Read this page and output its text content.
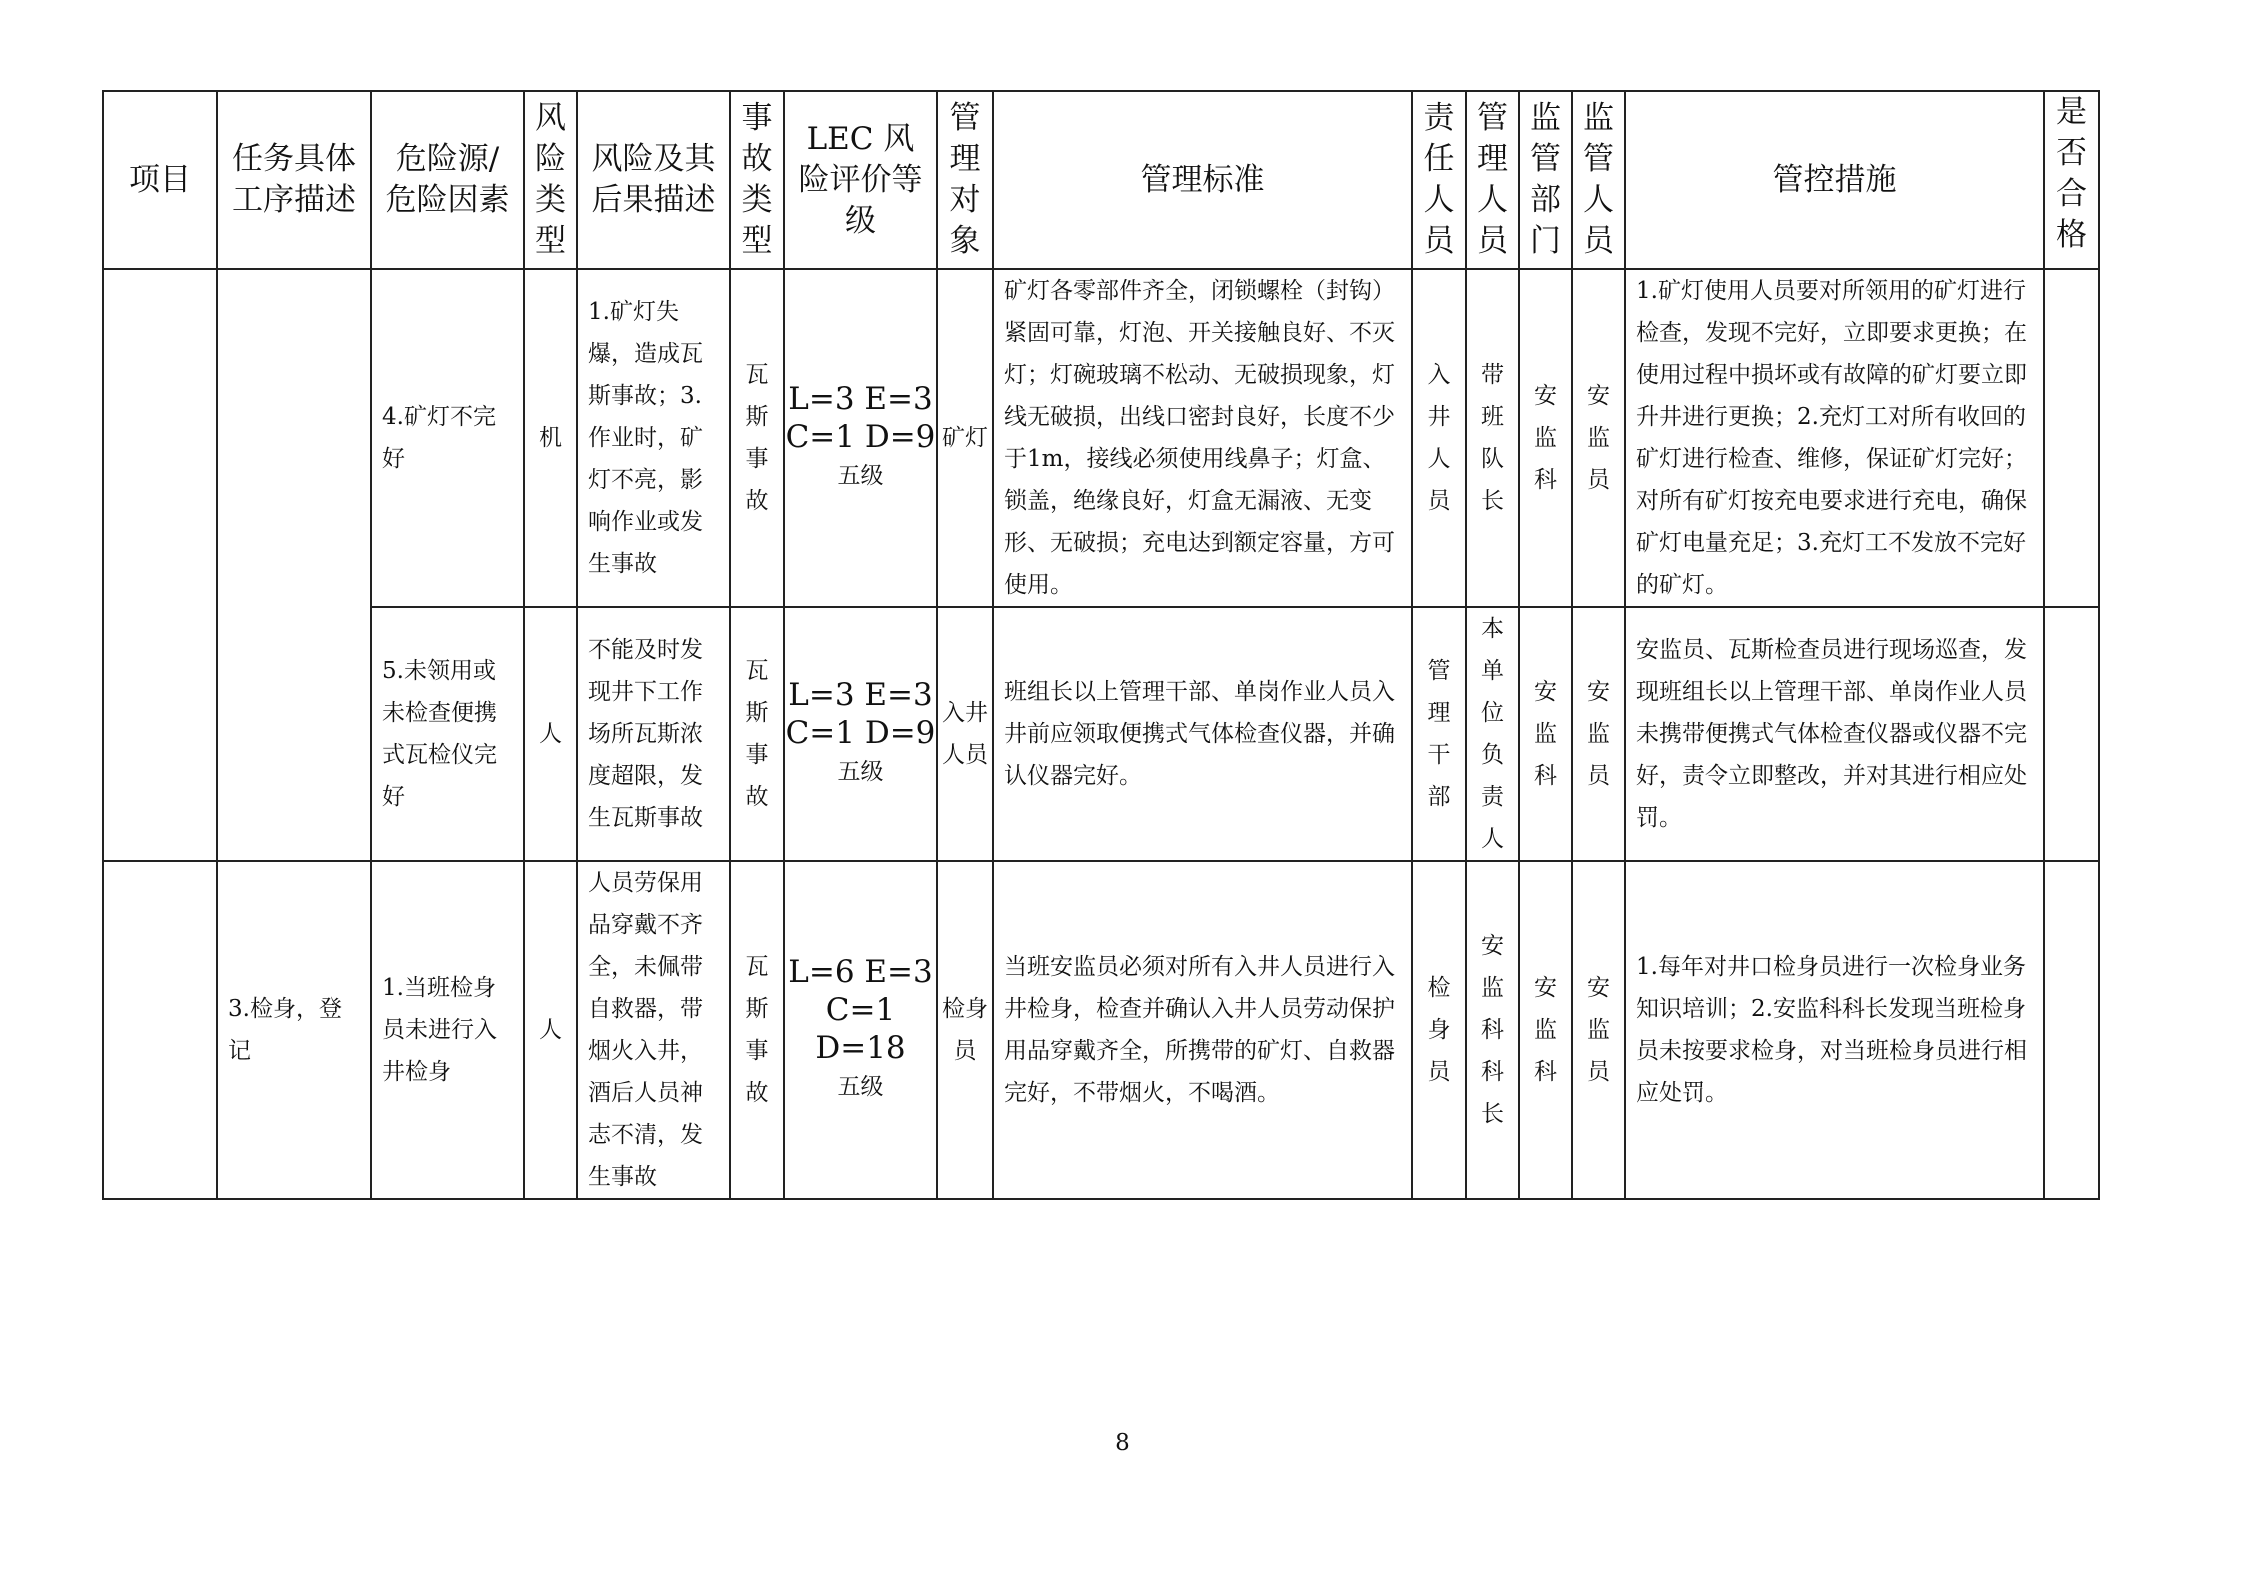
项目	任务具体工序描述	危险源/危险因素	风险类型	风险及其后果描述	事故类型	LEC 风险评价等级	管理对象	管理标准	责任人员	管理人员	监管部门	监管人员	管控措施	是否合格
		4.矿灯不完好	机	1.矿灯失爆，造成瓦斯事故；3.作业时，矿灯不亮，影响作业或发生事故	瓦斯事故	L=3 E=3
C=1 D=9
五级	矿灯	矿灯各零部件齐全，闭锁螺栓（封钩）紧固可靠，灯泡、开关接触良好、不灭灯；灯碗玻璃不松动、无破损现象，灯线无破损，出线口密封良好，长度不少于1m，接线必须使用线鼻子；灯盒、锁盖，绝缘良好，灯盒无漏液、无变形、无破损；充电达到额定容量，方可使用。	入井人员	带班队长	安监科	安监员	1.矿灯使用人员要对所领用的矿灯进行检查，发现不完好，立即要求更换；在使用过程中损坏或有故障的矿灯要立即升井进行更换；2.充灯工对所有收回的矿灯进行检查、维修，保证矿灯完好；对所有矿灯按充电要求进行充电，确保矿灯电量充足；3.充灯工不发放不完好的矿灯。	
		5.未领用或未检查便携式瓦检仪完好	人	不能及时发现井下工作场所瓦斯浓度超限，发生瓦斯事故	瓦斯事故	L=3 E=3
C=1 D=9
五级	入井人员	班组长以上管理干部、单岗作业人员入井前应领取便携式气体检查仪器，并确认仪器完好。	管理干部	本单位负责人	安监科	安监员	安监员、瓦斯检查员进行现场巡查，发现班组长以上管理干部、单岗作业人员未携带便携式气体检查仪器或仪器不完好，责令立即整改，并对其进行相应处罚。	
	3.检身，登记	1.当班检身员未进行入井检身	人	人员劳保用品穿戴不齐全，未佩带自救器，带烟火入井，酒后人员神志不清，发生事故	瓦斯事故	L=6 E=3
C=1 D=18
五级	检身员	当班安监员必须对所有入井人员进行入井检身，检查并确认入井人员劳动保护用品穿戴齐全，所携带的矿灯、自救器完好，不带烟火，不喝酒。	检身员	安监科科长	安监科	安监员	1.每年对井口检身员进行一次检身业务知识培训；2.安监科科长发现当班检身员未按要求检身，对当班检身员进行相应处罚。	
8
